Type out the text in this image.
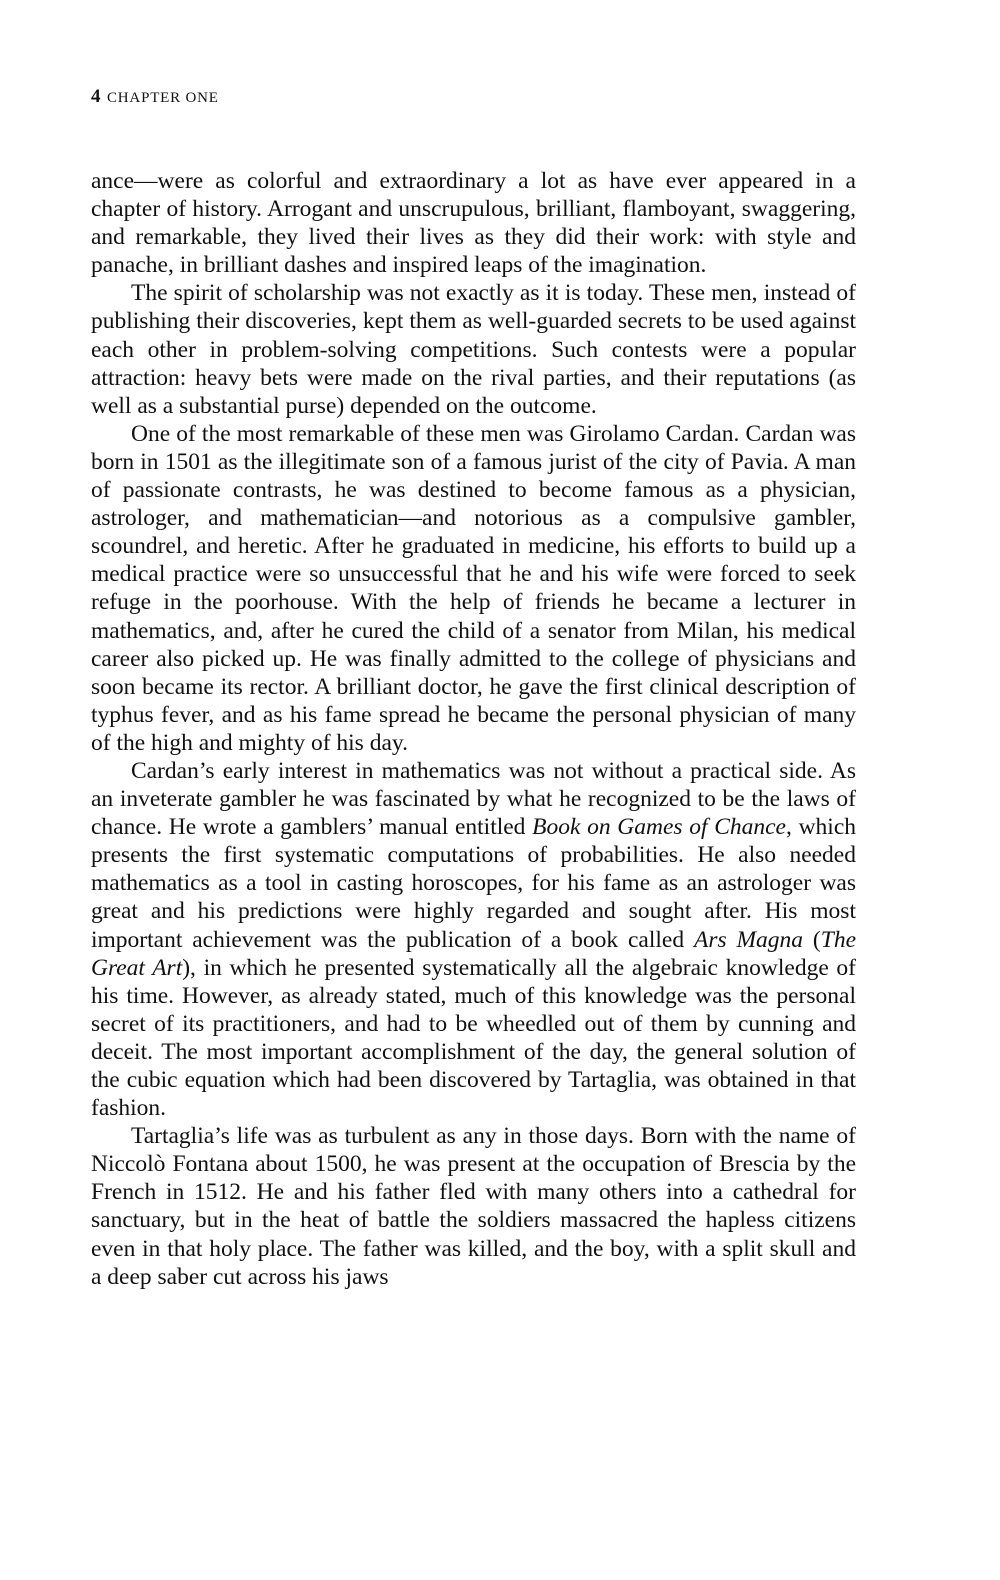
4 CHAPTER ONE

ance—were as colorful and extraordinary a lot as have ever appeared in a chapter of history. Arrogant and unscrupulous, brilliant, flamboyant, swaggering, and remarkable, they lived their lives as they did their work: with style and panache, in brilliant dashes and inspired leaps of the imagination.

The spirit of scholarship was not exactly as it is today. These men, instead of publishing their discoveries, kept them as well-guarded secrets to be used against each other in problem-solving competitions. Such contests were a popular attraction: heavy bets were made on the rival parties, and their reputations (as well as a substantial purse) depended on the outcome.

One of the most remarkable of these men was Girolamo Cardan. Cardan was born in 1501 as the illegitimate son of a famous jurist of the city of Pavia. A man of passionate contrasts, he was destined to become famous as a physician, astrologer, and mathematician—and notorious as a compulsive gambler, scoundrel, and heretic. After he graduated in medicine, his efforts to build up a medical practice were so unsuccessful that he and his wife were forced to seek refuge in the poorhouse. With the help of friends he became a lecturer in mathematics, and, after he cured the child of a senator from Milan, his medical career also picked up. He was finally admitted to the college of physicians and soon became its rector. A brilliant doctor, he gave the first clinical description of typhus fever, and as his fame spread he became the personal physician of many of the high and mighty of his day.

Cardan’s early interest in mathematics was not without a practical side. As an inveterate gambler he was fascinated by what he recognized to be the laws of chance. He wrote a gamblers’ manual entitled Book on Games of Chance, which presents the first systematic computations of probabilities. He also needed mathematics as a tool in casting horoscopes, for his fame as an astrologer was great and his predictions were highly regarded and sought after. His most important achievement was the publication of a book called Ars Magna (The Great Art), in which he presented systematically all the algebraic knowledge of his time. However, as already stated, much of this knowledge was the personal secret of its practitioners, and had to be wheedled out of them by cunning and deceit. The most important accomplishment of the day, the general solution of the cubic equation which had been discovered by Tartaglia, was obtained in that fashion.

Tartaglia’s life was as turbulent as any in those days. Born with the name of Niccolò Fontana about 1500, he was present at the occupation of Brescia by the French in 1512. He and his father fled with many others into a cathedral for sanctuary, but in the heat of battle the soldiers massacred the hapless citizens even in that holy place. The father was killed, and the boy, with a split skull and a deep saber cut across his jaws
